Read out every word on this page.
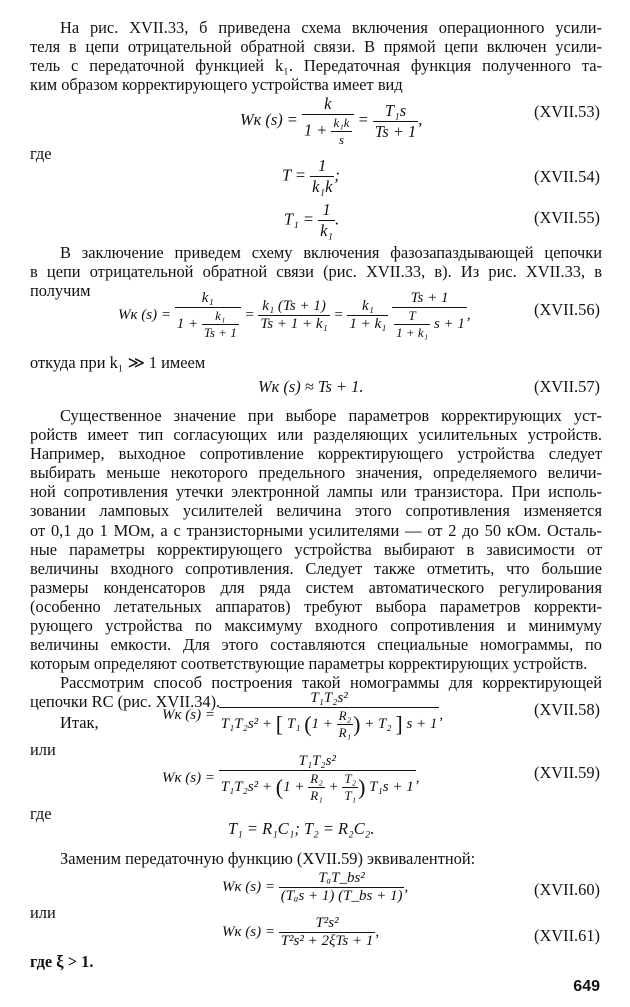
На рис. XVII.33, б приведена схема включения операционного усили-
теля в цепи отрицательной обратной связи. В прямой цепи включен усили-
тель с передаточной функцией k₁. Передаточная функция полученного та-
ким образом корректирующего устройства имеет вид
Wк $(s) = \frac{k}{1 + \frac{\text{k₁k}}{s}} = \frac{\text{T₁s}}{Ts + 1}$ ,	(XVII.53)
где
$T = \frac{1}{\text{k₁k}}$ ;	(XVII.54)
$T_1 = \frac{1}{\text{k₁}}$ .	(XVII.55)
В заключение приведем схему включения фазозапаздывающей цепочки
в цепи отрицательной обратной связи (рис. XVII.33, в). Из рис. XVII.33, в
получим
Wк $(s) = \frac{\text{k₁}}{1 + \frac{\text{k₁}}{Ts + 1}} = \frac{\text{k₁ (Ts + 1)}}{\text{Ts + 1 + k₁}} = \frac{\text{k₁}}{\text{1 + k₁}}$
$\frac{Ts + 1}{\frac{T}{\text{1 + k₁}} s + 1}$ ,	(XVII.56)
откуда при k₁ ≫ 1 имеем
Wк (s) ≈ Ts + 1.	(XVII.57)
Существенное значение при выборе параметров корректирующих уст-
ройств имеет тип согласующих или разделяющих усилительных устройств.
Например, выходное сопротивление корректирующего устройства следует
выбирать меньше некоторого предельного значения, определяемого величи-
ной сопротивления утечки электронной лампы или транзистора. При исполь-
зовании ламповых усилителей величина этого сопротивления изменяется
от 0,1 до 1 МОм, а с транзисторными усилителями — от 2 до 50 кОм. Осталь-
ные параметры корректирующего устройства выбирают в зависимости от
величины входного сопротивления. Следует также отметить, что большие
размеры конденсаторов для ряда систем автоматического регулирования
(особенно летательных аппаратов) требуют выбора параметров корректи-
рующего устройства по максимуму входного сопротивления и минимуму
величины емкости. Для этого составляются специальные номограммы, по
которым определяют соответствующие параметры корректирующих устройств.
Рассмотрим способ построения такой номограммы для корректирующей
цепочки RC (рис. XVII.34).
Итак,	Wк (s) =
T₁T₂s²
T₁T₂s² + [ T₁ ($1 + \frac{\text{R₂}}{\text{R₁}}$ ) + T₂ ] s + 1
,	(XVII.58)
или
Wк (s) =
T₁T₂s²
$T_1T_2s^2 + (1 + \frac{\text{R₂}}{\text{R₁}} + \frac{\text{T₂}}{\text{T₁}}$ ) T₁s + 1
,	(XVII.59)
где
T₁ = R₁C₁; T₂ = R₂C₂.
Заменим передаточную функцию (XVII.59) эквивалентной:
Wк $(s) = \frac{\text{TₐT\_bs²}}{\text{(Tₐs + 1) (T\_bs + 1)}}$ ,	(XVII.60)
или
Wк $(s) = \frac{\text{T²s²}}{\text{T²s² + 2ξTs + 1}}$ ,	(XVII.61)
где ξ > 1.
649
